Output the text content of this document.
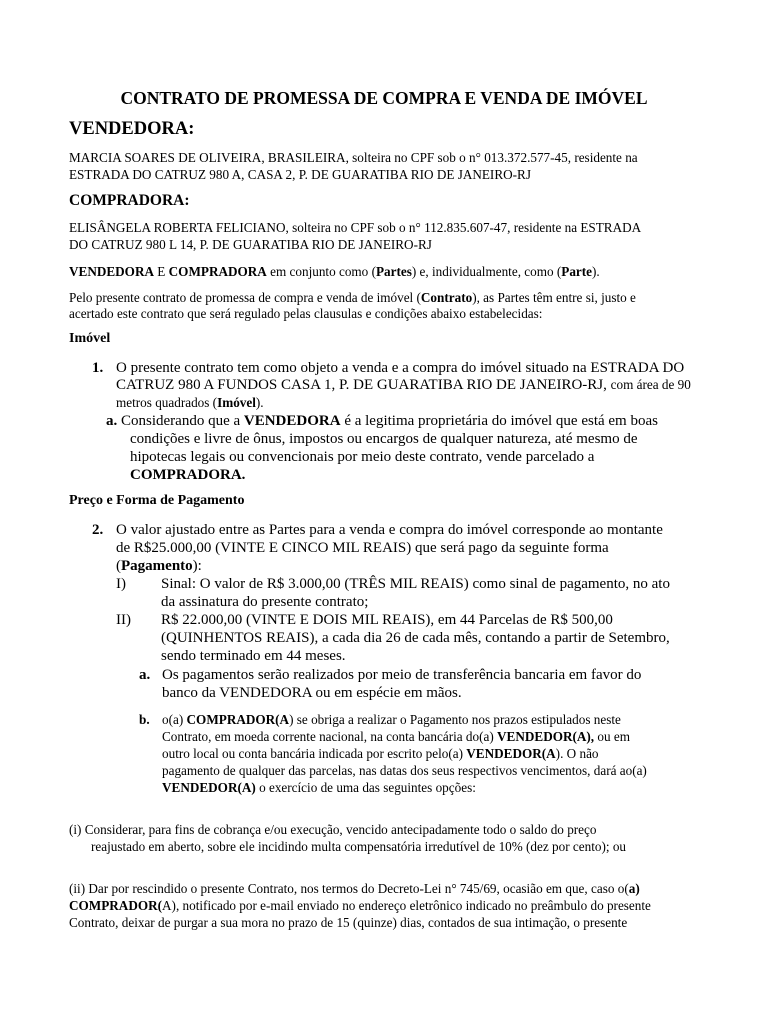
CONTRATO DE PROMESSA DE COMPRA E VENDA DE IMÓVEL
VENDEDORA:
MARCIA SOARES DE OLIVEIRA, BRASILEIRA, solteira no CPF sob o n° 013.372.577-45, residente na
ESTRADA DO CATRUZ 980 A, CASA 2, P. DE GUARATIBA RIO DE JANEIRO-RJ
COMPRADORA:
ELISÂNGELA ROBERTA FELICIANO, solteira no CPF sob o n° 112.835.607-47, residente na ESTRADA
DO CATRUZ 980 L 14, P. DE GUARATIBA RIO DE JANEIRO-RJ
VENDEDORA E COMPRADORA em conjunto como (Partes) e, individualmente, como (Parte).
Pelo presente contrato de promessa de compra e venda de imóvel (Contrato), as Partes têm entre si, justo e
acertado este contrato que será regulado pelas clausulas e condições abaixo estabelecidas:
Imóvel
1. O presente contrato tem como objeto a venda e a compra do imóvel situado na ESTRADA DO
CATRUZ 980 A FUNDOS CASA 1, P. DE GUARATIBA RIO DE JANEIRO-RJ, com área de 90
metros quadrados (Imóvel).
a. Considerando que a VENDEDORA é a legitima proprietária do imóvel que está em boas
condições e livre de ônus, impostos ou encargos de qualquer natureza, até mesmo de
hipotecas legais ou convencionais por meio deste contrato, vende parcelado a
COMPRADORA.
Preço e Forma de Pagamento
2. O valor ajustado entre as Partes para a venda e compra do imóvel corresponde ao montante
de R$25.000,00 (VINTE E CINCO MIL REAIS) que será pago da seguinte forma
(Pagamento):
I) Sinal: O valor de R$ 3.000,00 (TRÊS MIL REAIS) como sinal de pagamento, no ato
da assinatura do presente contrato;
II) R$ 22.000,00 (VINTE E DOIS MIL REAIS), em 44 Parcelas de R$ 500,00
(QUINHENTOS REAIS), a cada dia 26 de cada mês, contando a partir de Setembro,
sendo terminado em 44 meses.
a. Os pagamentos serão realizados por meio de transferência bancaria em favor do
banco da VENDEDORA ou em espécie em mãos.
b. o(a) COMPRADOR(A) se obriga a realizar o Pagamento nos prazos estipulados neste
Contrato, em moeda corrente nacional, na conta bancária do(a) VENDEDOR(A), ou em
outro local ou conta bancária indicada por escrito pelo(a) VENDEDOR(A). O não
pagamento de qualquer das parcelas, nas datas dos seus respectivos vencimentos, dará ao(a)
VENDEDOR(A) o exercício de uma das seguintes opções:
(i) Considerar, para fins de cobrança e/ou execução, vencido antecipadamente todo o saldo do preço
reajustado em aberto, sobre ele incidindo multa compensatória irredutível de 10% (dez por cento); ou
(ii) Dar por rescindido o presente Contrato, nos termos do Decreto-Lei n° 745/69, ocasião em que, caso o(a)
COMPRADOR(A), notificado por e-mail enviado no endereço eletrônico indicado no preâmbulo do presente
Contrato, deixar de purgar a sua mora no prazo de 15 (quinze) dias, contados de sua intimação, o presente
